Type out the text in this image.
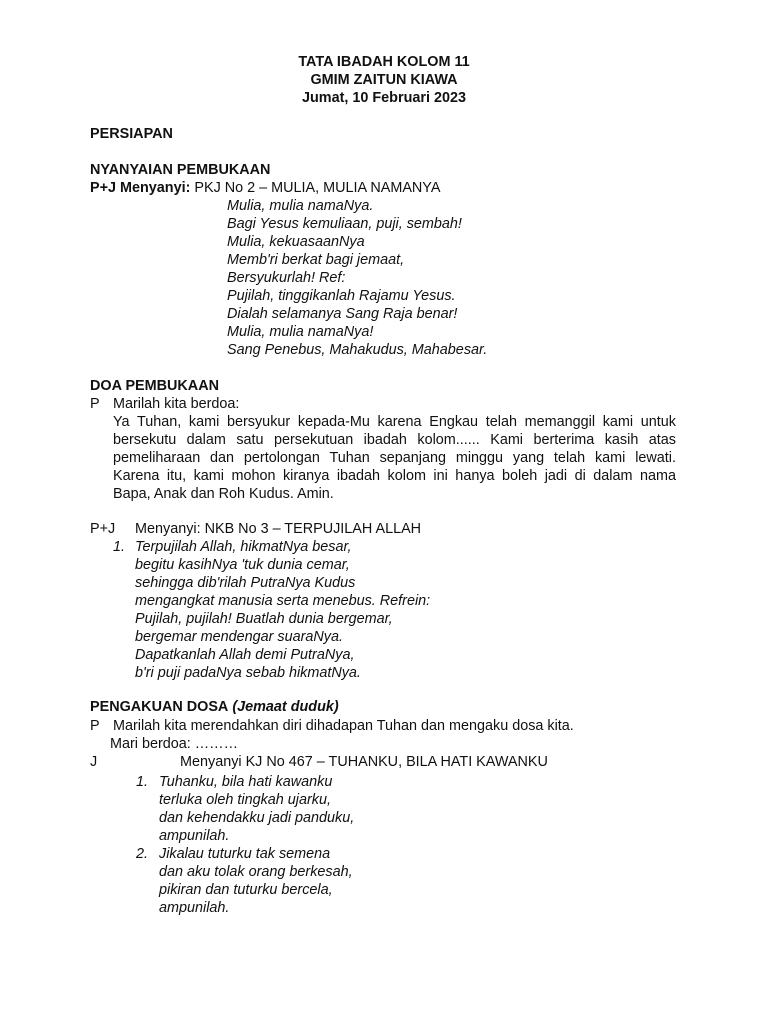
TATA IBADAH KOLOM 11
GMIM ZAITUN KIAWA
Jumat, 10 Februari 2023
PERSIAPAN
NYANYAIAN PEMBUKAAN
P+J Menyanyi: PKJ No 2 – MULIA, MULIA NAMANYA
Mulia, mulia namaNya.
Bagi Yesus kemuliaan, puji, sembah!
Mulia, kekuasaanNya
Memb'ri berkat bagi jemaat,
Bersyukurlah! Ref:
Pujilah, tinggikanlah Rajamu Yesus.
Dialah selamanya Sang Raja benar!
Mulia, mulia namaNya!
Sang Penebus, Mahakudus, Mahabesar.
DOA PEMBUKAAN
P Marilah kita berdoa:
Ya Tuhan, kami bersyukur kepada-Mu karena Engkau telah memanggil kami untuk
bersekutu dalam satu persekutuan ibadah kolom...... Kami berterima kasih atas
pemeliharaan dan pertolongan Tuhan sepanjang minggu yang telah kami lewati.
Karena itu, kami mohon kiranya ibadah kolom ini hanya boleh jadi di dalam nama
Bapa, Anak dan Roh Kudus. Amin.
P+J Menyanyi: NKB No 3 – TERPUJILAH ALLAH
1. Terpujilah Allah, hikmatNya besar,
begitu kasihNya 'tuk dunia cemar,
sehingga dib'rilah PutraNya Kudus
mengangkat manusia serta menebus. Refrein:
Pujilah, pujilah! Buatlah dunia bergemar,
bergemar mendengar suaraNya.
Dapatkanlah Allah demi PutraNya,
b'ri puji padaNya sebab hikmatNya.
PENGAKUAN DOSA (Jemaat duduk)
P Marilah kita merendahkan diri dihadapan Tuhan dan mengaku dosa kita.
Mari berdoa: ………
J	Menyanyi KJ No 467 – TUHANKU, BILA HATI KAWANKU
1. Tuhanku, bila hati kawanku
terluka oleh tingkah ujarku,
dan kehendakku jadi panduku,
ampunilah.
2. Jikalau tuturku tak semena
dan aku tolak orang berkesah,
pikiran dan tuturku bercela,
ampunilah.
